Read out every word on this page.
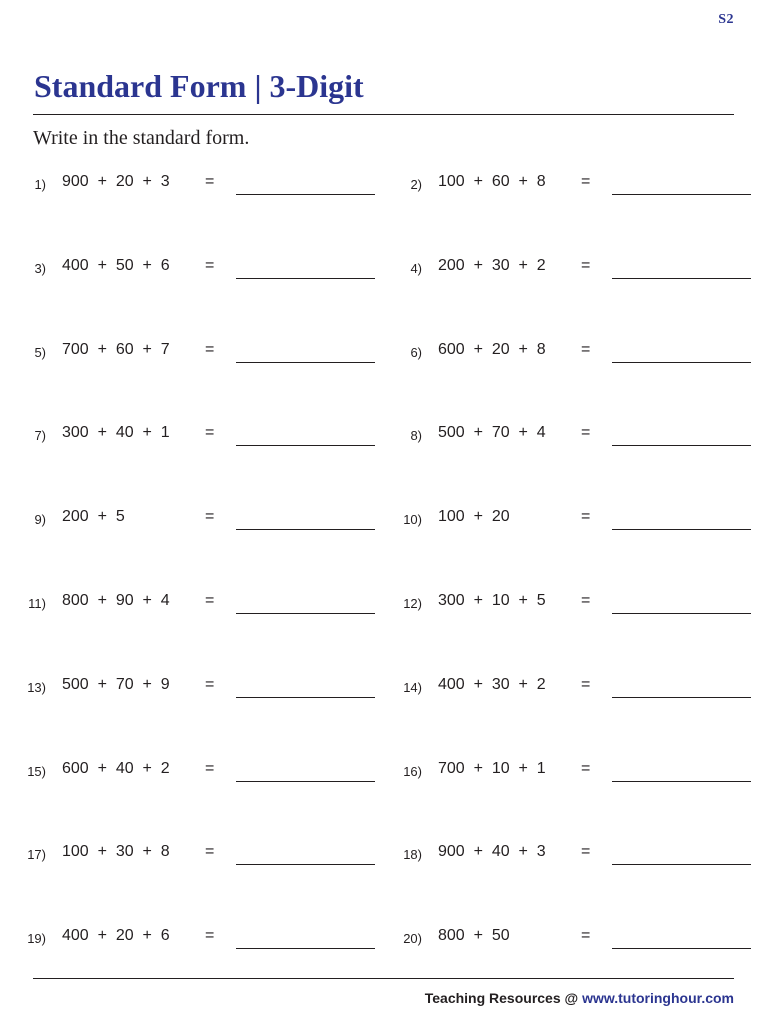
S2
Standard Form | 3-Digit
Write in the standard form.
1) 900  +  20  +  3 =	2) 100  +  60  +  8 =
3) 400  +  50  +  6 =	4) 200  +  30  +  2 =
5) 700  +  60  +  7 =	6) 600  +  20  +  8 =
7) 300  +  40  +  1 =	8) 500  +  70  +  4 =
9) 200  +  5	=	10) 100  +  20	=
11) 800  +  90  +  4 =	12) 300  +  10  +  5 =
13) 500  +  70  +  9 =	14) 400  +  30  +  2 =
15) 600  +  40  +  2 =	16) 700  +  10  +  1 =
17) 100  +  30  +  8 =	18) 900  +  40  +  3 =
19) 400  +  20  +  6 =	20) 800  +  50	=
Teaching Resources @ www.tutoringhour.com
